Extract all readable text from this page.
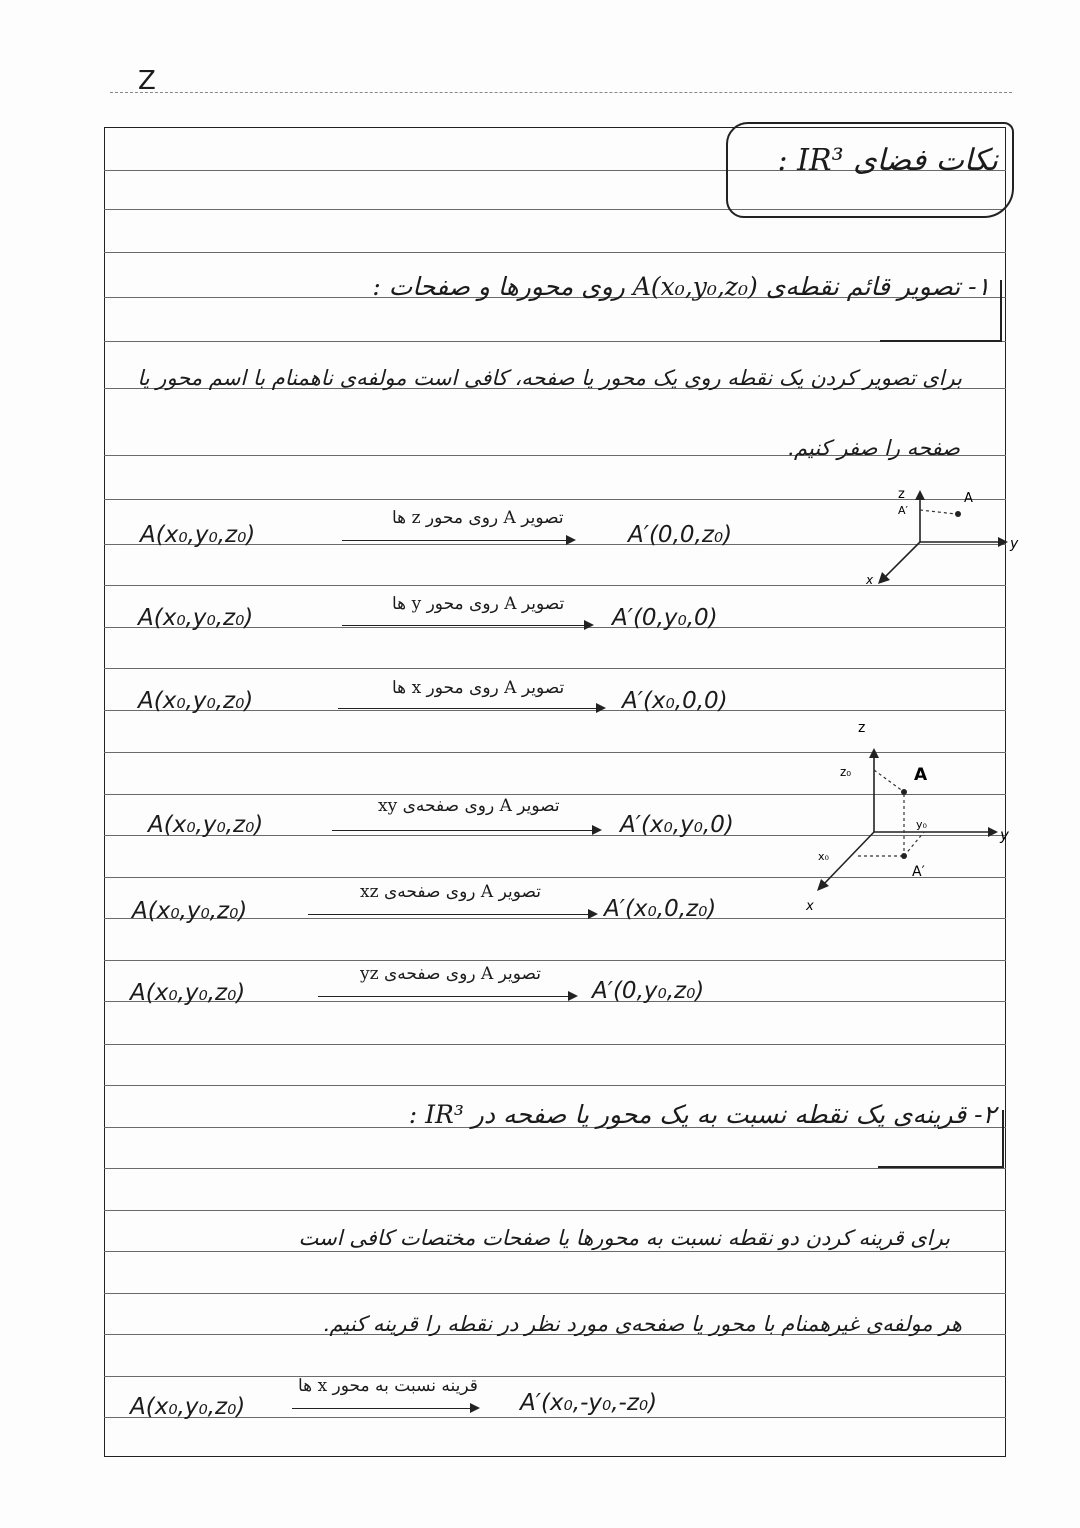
Z
نکات فضای IR³ :
۱- تصویر قائم نقطه‌ی A(x₀,y₀,z₀) روی محورها و صفحات :
برای تصویر کردن یک نقطه روی یک محور یا صفحه، کافی است مولفه‌ی ناهمنام با اسم محور یا
صفحه را صفر کنیم.
A(x₀,y₀,z₀)
تصویر A روی محور z ها
A′(0,0,z₀)
A(x₀,y₀,z₀)
تصویر A روی محور y ها
A′(0,y₀,0)
A(x₀,y₀,z₀)	تصویر A روی محور x ها	A′(x₀,0,0)
A(x₀,y₀,z₀)
تصویر A روی صفحه‌ی xy
A′(x₀,y₀,0)
A(x₀,y₀,z₀)
تصویر A روی صفحه‌ی xz
A′(x₀,0,z₀)
A(x₀,y₀,z₀)
تصویر A روی صفحه‌ی yz
A′(0,y₀,z₀)
z
y
x
A
A′
z
y
x
A
A′
z₀
y₀
x₀
۲- قرینه‌ی یک نقطه نسبت به یک محور یا صفحه در IR³ :
برای قرینه کردن دو نقطه نسبت به محورها یا صفحات مختصات کافی است
هر مولفه‌ی غیرهمنام با محور یا صفحه‌ی مورد نظر در نقطه را قرینه کنیم.
A(x₀,y₀,z₀)
قرینه نسبت به محور x ها
A′(x₀,-y₀,-z₀)
